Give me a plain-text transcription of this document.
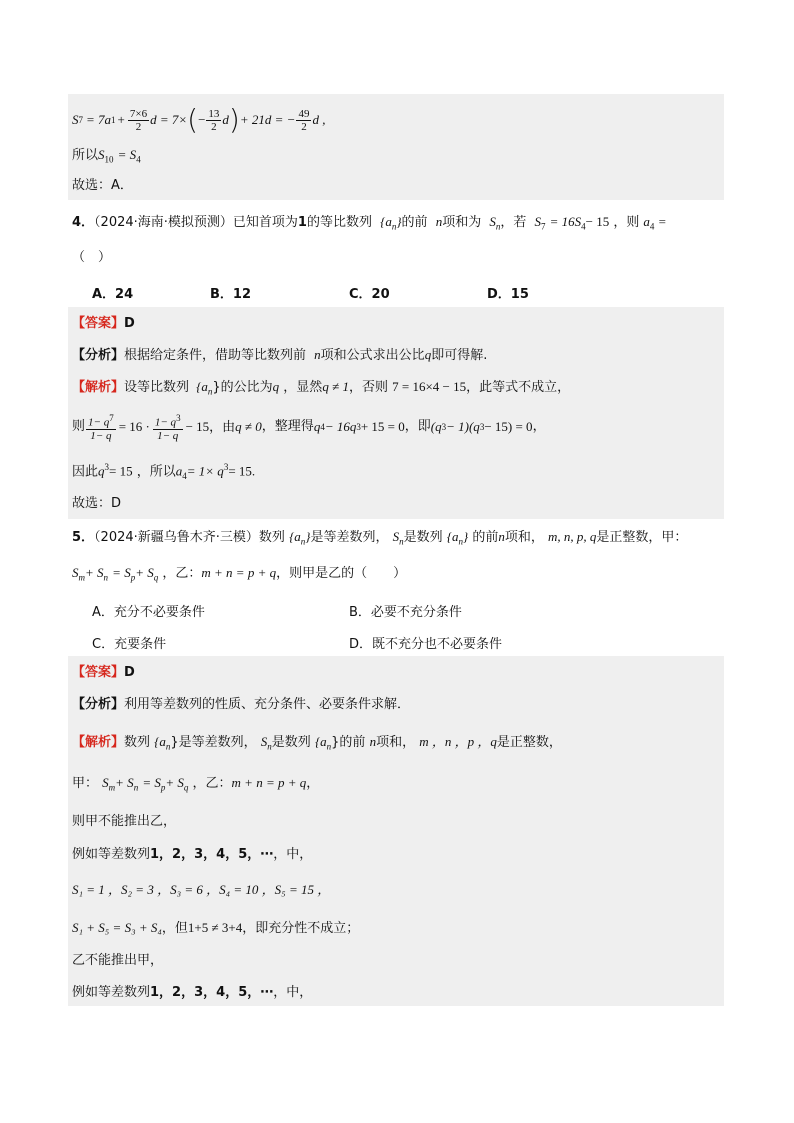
S 7 = 7a $1 + \frac{7\times 6}{2}$ d = 7× ( − $\frac{13}{2}$ d ) + 21d = − $\frac{49}{2}$ d ,
所以$S_{10} = S_4$
故选：A．
4．（2024·海南·模拟预测）已知首项为1的等比数列 $\{a_n\}$的前 n项和为 $S_n$，若 $S_7 = 16S_4- 15$ ，则 $a_4$ =
（　）
A．24	B．12	C．20	D．15
【答案】D
【分析】根据给定条件，借助等比数列前 n项和公式求出公比q即可得解.
【解析】设等比数列 $\{a_n\}$的公比为q ，显然q ≠ 1，否则 7 = 16×4 − 15，此等式不成立，
则 $\frac{1- q^7}{1- q} = 16 \cdot \frac{1- q^3}{1- q} - 15$，由 q ≠ 0 ，整理得 q 4 − 16q 3 + 15 = 0 ，即 (q 3 − 1)(q 3 − 15) = 0 ，
因此$q^3= 15$ ，所以$a_4= 1\times q^3= 15$.
故选：D
5．（2024·新疆乌鲁木齐·三模）数列 $\{a_n\}$是等差数列， $S_n$是数列 $\{a_n\}$ 的前n项和， m, n, p, q是正整数，甲：
$S_m+ S_n = S_p+ S_q$ ，乙：m + n = p + q，则甲是乙的（　　）
A．充分不必要条件	B．必要不充分条件
C．充要条件	D．既不充分也不必要条件
【答案】D
【分析】利用等差数列的性质、充分条件、必要条件求解．
【解析】数列 $\{a_n\}$是等差数列， $S_n$是数列 $\{a_n\}$的前 n项和， m ，n ，p ，q是正整数，
甲： $S_m+ S_n = S_p+ S_q$ ，乙：m + n = p + q，
则甲不能推出乙，
例如等差数列1，2，3，4，5，⋯，中，
S₁ = 1 ，S₂ = 3 ，S₃ = 6 ，S₄ = 10 ，S₅ = 15 ，
S₁ + S₅ = S₃ + S₄，但1+5 ≠ 3+4，即充分性不成立；
乙不能推出甲，
例如等差数列1，2，3，4，5，⋯，中，
